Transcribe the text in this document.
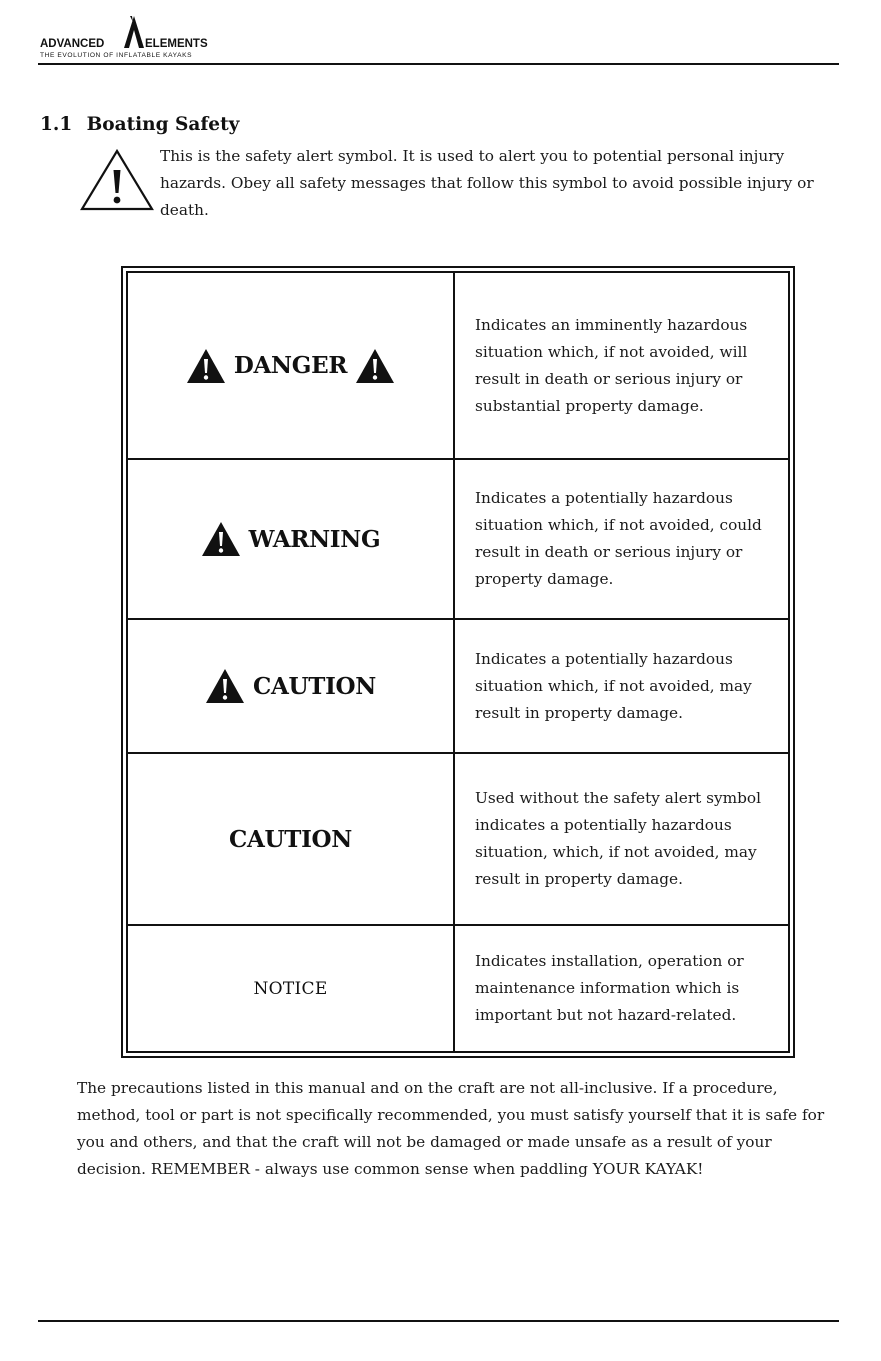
ADVANCED	ELEMENTS
THE EVOLUTION OF INFLATABLE KAYAKS
1.1 Boating Safety
This is the safety alert symbol. It is used to alert you to potential personal injury hazards. Obey all safety messages that follow this symbol to avoid possible injury or death.
DANGER
Indicates an imminently hazardous situation which, if not avoided, will result in death or serious injury or substantial property damage.
WARNING
Indicates a potentially hazardous situation which, if not avoided, could result in death or serious injury or property damage.
CAUTION
Indicates a potentially hazardous situation which, if not avoided, may result in property damage.
CAUTION
Used without the safety alert symbol indicates a potentially hazardous situation, which, if not avoided, may result in property damage.
NOTICE
Indicates installation, operation or maintenance information which is important but not hazard-related.
The precautions listed in this manual and on the craft are not all-inclusive. If a procedure, method, tool or part is not specifically recommended, you must satisfy yourself that it is safe for you and others, and that the craft will not be damaged or made unsafe as a result of your decision. REMEMBER - always use common sense when paddling YOUR KAYAK!
